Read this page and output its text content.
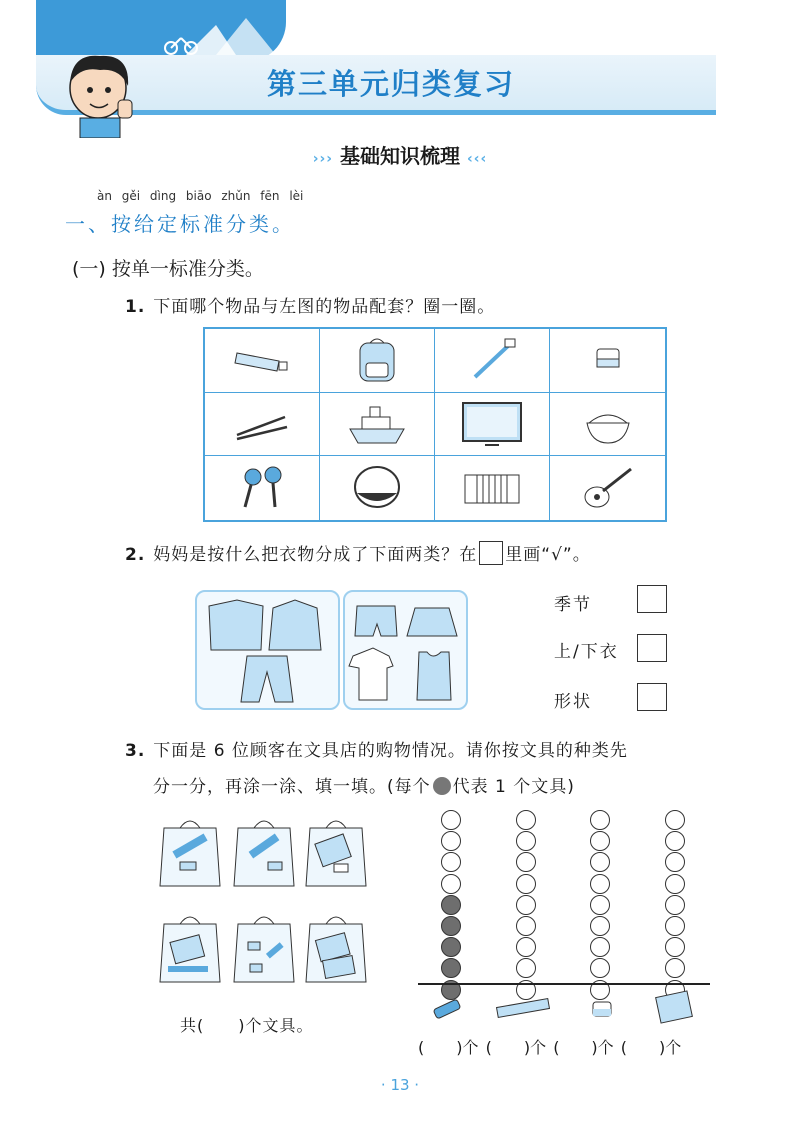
第三单元归类复习
››› 基础知识梳理 ‹‹‹
àn gěi dìng biāo zhǔn fēn lèi
一、按给定标准分类。
(一) 按单一标准分类。
1. 下面哪个物品与左图的物品配套？圈一圈。
2. 妈妈是按什么把衣物分成了下面两类？在 里画“√”。
季节
上/下衣
形状
3. 下面是 6 位顾客在文具店的购物情况。请你按文具的种类先
分一分，再涂一涂、填一填。(每个 代表 1 个文具)
共(　　)个文具。
(　　)个 (　　)个 (　　)个 (　　)个
· 13 ·
